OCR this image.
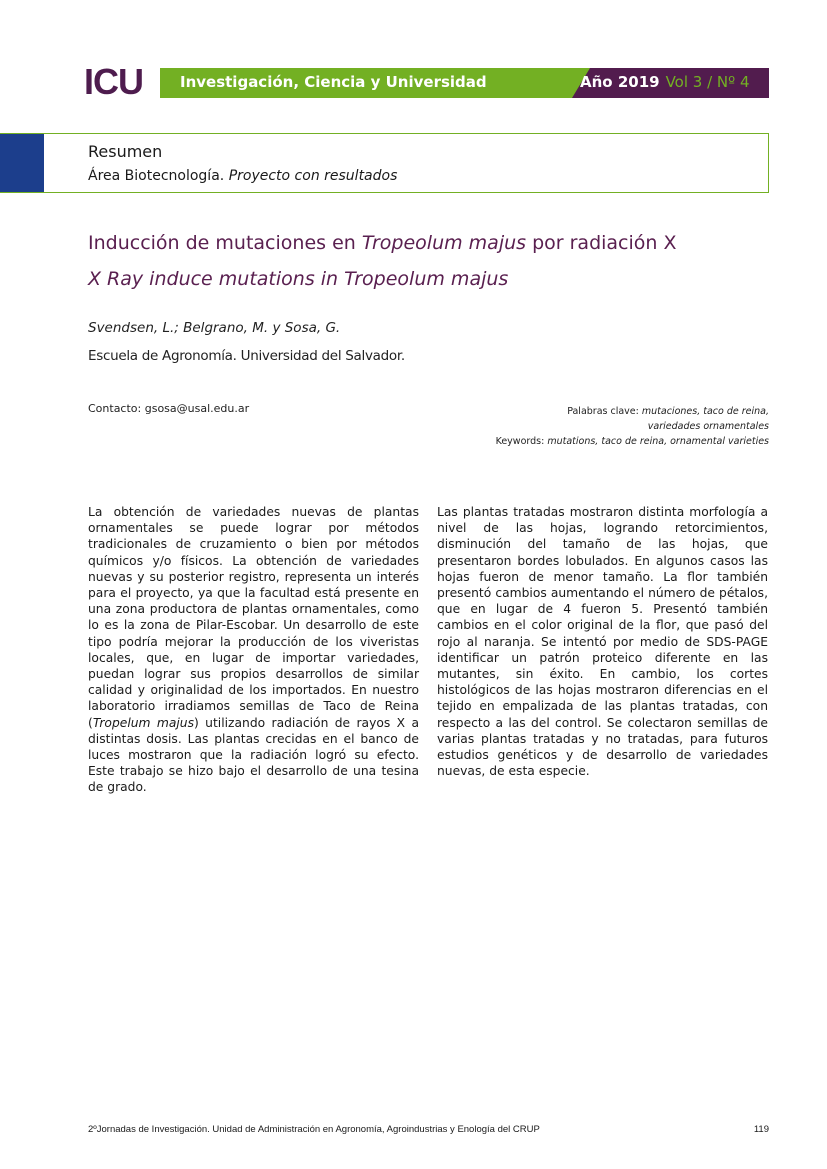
ICU Investigación, Ciencia y Universidad	Año 2019 Vol 3 / Nº 4
Resumen
Área Biotecnología. Proyecto con resultados
Inducción de mutaciones en Tropeolum majus por radiación X
X Ray induce mutations in Tropeolum majus
Svendsen, L.; Belgrano, M. y Sosa, G.
Escuela de Agronomía. Universidad del Salvador.
Contacto: gsosa@usal.edu.ar	Palabras clave: mutaciones, taco de reina,
variedades ornamentales
Keywords: mutations, taco de reina, ornamental varieties
La obtención de variedades nuevas de plantas ornamentales se puede lograr por métodos tradicionales de cruzamiento o bien por métodos químicos y/o físicos. La obtención de variedades nuevas y su posterior registro, representa un interés para el proyecto, ya que la facultad está presente en una zona productora de plantas ornamentales, como lo es la zona de Pilar-Escobar. Un desarrollo de este tipo podría mejorar la producción de los viveristas locales, que, en lugar de importar variedades, puedan lograr sus propios desarrollos de similar calidad y originalidad de los importados. En nuestro laboratorio irradiamos semillas de Taco de Reina (Tropelum majus) utilizando radiación de rayos X a distintas dosis. Las plantas crecidas en el banco de luces mostraron que la radiación logró su efecto. Este trabajo se hizo bajo el desarrollo de una tesina de grado.
Las plantas tratadas mostraron distinta morfología a nivel de las hojas, logrando retorcimientos, disminución del tamaño de las hojas, que presentaron bordes lobulados. En algunos casos las hojas fueron de menor tamaño. La flor también presentó cambios aumentando el número de pétalos, que en lugar de 4 fueron 5. Presentó también cambios en el color original de la flor, que pasó del rojo al naranja. Se intentó por medio de SDS-PAGE identificar un patrón proteico diferente en las mutantes, sin éxito. En cambio, los cortes histológicos de las hojas mostraron diferencias en el tejido en empalizada de las plantas tratadas, con respecto a las del control. Se colectaron semillas de varias plantas tratadas y no tratadas, para futuros estudios genéticos y de desarrollo de variedades nuevas, de esta especie.
2ºJornadas de Investigación. Unidad de Administración en Agronomía, Agroindustrias y Enología del CRUP	119
